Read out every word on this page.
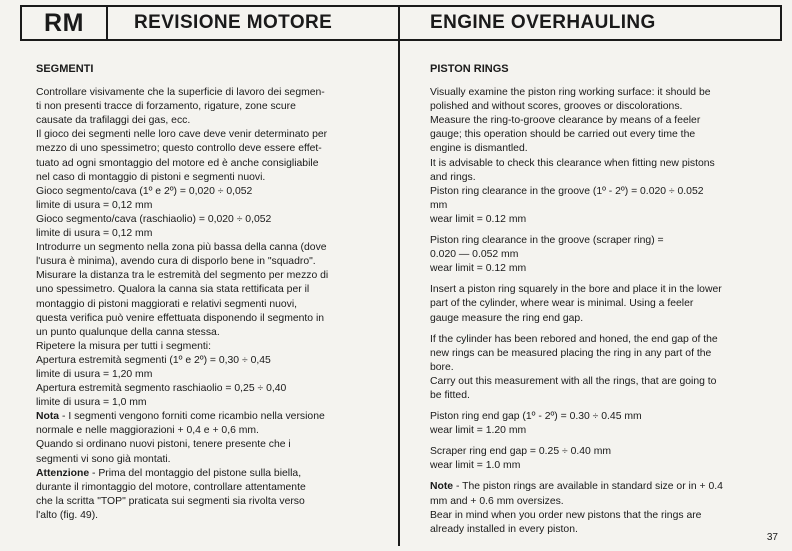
RM	REVISIONE MOTORE	ENGINE OVERHAULING
SEGMENTI
Controllare visivamente che la superficie di lavoro dei segmen-
ti non presenti tracce di forzamento, rigature, zone scure
causate da trafilaggi dei gas, ecc.
Il gioco dei segmenti nelle loro cave deve venir determinato per
mezzo di uno spessimetro; questo controllo deve essere effet-
tuato ad ogni smontaggio del motore ed è anche consigliabile
nel caso di montaggio di pistoni e segmenti nuovi.
Gioco segmento/cava (1º e 2º) = 0,020 ÷ 0,052
limite di usura = 0,12 mm
Gioco segmento/cava (raschiaolio) = 0,020 ÷ 0,052
limite di usura = 0,12 mm
Introdurre un segmento nella zona più bassa della canna (dove
l'usura è minima), avendo cura di disporlo bene in "squadro".
Misurare la distanza tra le estremità del segmento per mezzo di
uno spessimetro. Qualora la canna sia stata rettificata per il
montaggio di pistoni maggiorati e relativi segmenti nuovi,
questa verifica può venire effettuata disponendo il segmento in
un punto qualunque della canna stessa.
Ripetere la misura per tutti i segmenti:
Apertura estremità segmenti (1º e 2º) = 0,30 ÷ 0,45
limite di usura = 1,20 mm
Apertura estremità segmento raschiaolio = 0,25 ÷ 0,40
limite di usura = 1,0 mm
Nota - I segmenti vengono forniti come ricambio nella versione
normale e nelle maggiorazioni + 0,4 e + 0,6 mm.
Quando si ordinano nuovi pistoni, tenere presente che i
segmenti vi sono già montati.
Attenzione - Prima del montaggio del pistone sulla biella,
durante il rimontaggio del motore, controllare attentamente
che la scritta "TOP" praticata sui segmenti sia rivolta verso
l'alto (fig. 49).
PISTON RINGS
Visually examine the piston ring working surface: it should be
polished and without scores, grooves or discolorations.
Measure the ring-to-groove clearance by means of a feeler
gauge; this operation should be carried out every time the
engine is dismantled.
It is advisable to check this clearance when fitting new pistons
and rings.
Piston ring clearance in the groove (1º - 2º) = 0.020 ÷ 0.052
mm
wear limit = 0.12 mm
Piston ring clearance in the groove (scraper ring) =
0.020 — 0.052 mm
wear limit = 0.12 mm
Insert a piston ring squarely in the bore and place it in the lower
part of the cylinder, where wear is minimal. Using a feeler
gauge measure the ring end gap.
If the cylinder has been rebored and honed, the end gap of the
new rings can be measured placing the ring in any part of the
bore.
Carry out this measurement with all the rings, that are going to
be fitted.
Piston ring end gap (1º - 2º) = 0.30 ÷ 0.45 mm
wear limit = 1.20 mm
Scraper ring end gap = 0.25 ÷ 0.40 mm
wear limit = 1.0 mm
Note - The piston rings are available in standard size or in + 0.4
mm and + 0.6 mm oversizes.
Bear in mind when you order new pistons that the rings are
already installed in every piston.
37
